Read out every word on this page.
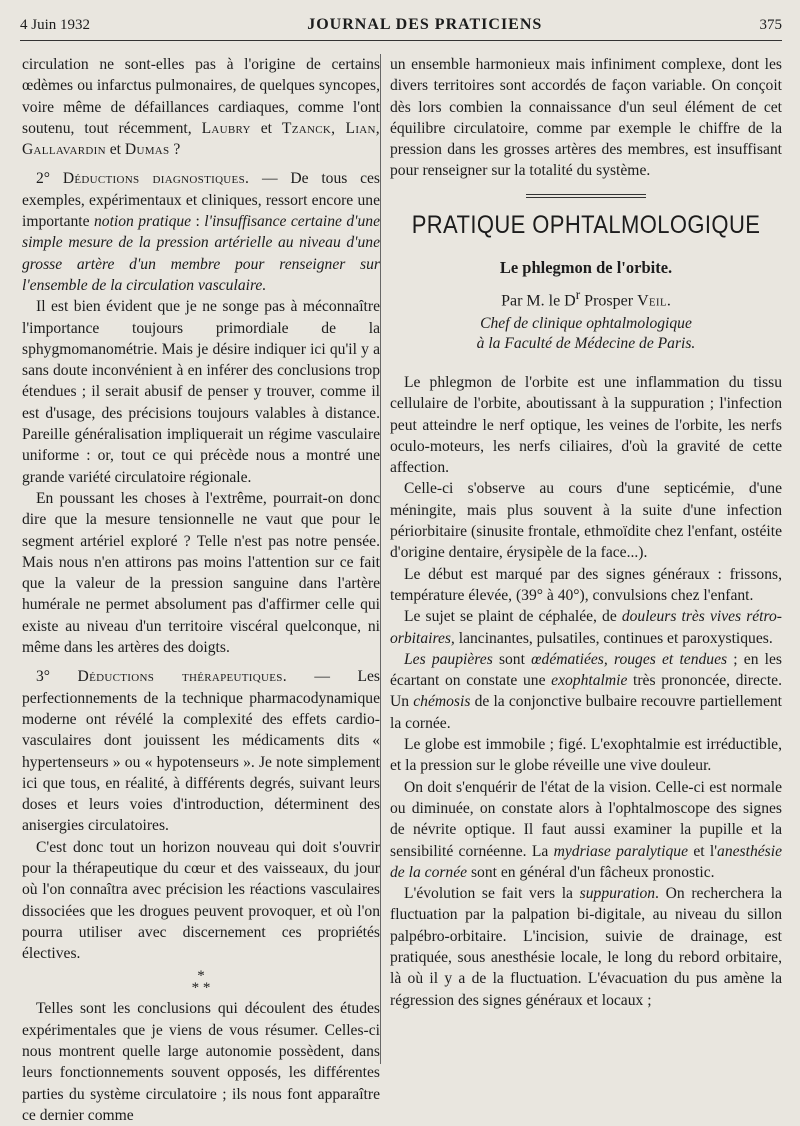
4 Juin 1932	JOURNAL DES PRATICIENS	375

circulation ne sont-elles pas à l'origine de certains œdèmes ou infarctus pulmonaires, de quelques syncopes, voire même de défaillances cardiaques, comme l'ont soutenu, tout récemment, Laubry et Tzanck, Lian, Gallavardin et Dumas ?

2° Déductions diagnostiques. — De tous ces exemples, expérimentaux et cliniques, ressort encore une importante notion pratique : l'insuffisance certaine d'une simple mesure de la pression artérielle au niveau d'une grosse artère d'un membre pour renseigner sur l'ensemble de la circulation vasculaire.

Il est bien évident que je ne songe pas à méconnaître l'importance toujours primordiale de la sphygmomanométrie. Mais je désire indiquer ici qu'il y a sans doute inconvénient à en inférer des conclusions trop étendues ; il serait abusif de penser y trouver, comme il est d'usage, des précisions toujours valables à distance. Pareille généralisation impliquerait un régime vasculaire uniforme : or, tout ce qui précède nous a montré une grande variété circulatoire régionale.

En poussant les choses à l'extrême, pourrait-on donc dire que la mesure tensionnelle ne vaut que pour le segment artériel exploré ? Telle n'est pas notre pensée. Mais nous n'en attirons pas moins l'attention sur ce fait que la valeur de la pression sanguine dans l'artère humérale ne permet absolument pas d'affirmer celle qui existe au niveau d'un territoire viscéral quelconque, ni même dans les artères des doigts.

3° Déductions thérapeutiques. — Les perfectionnements de la technique pharmacodynamique moderne ont révélé la complexité des effets cardio-vasculaires dont jouissent les médicaments dits « hypertenseurs » ou « hypotenseurs ». Je note simplement ici que tous, en réalité, à différents degrés, suivant leurs doses et leurs voies d'introduction, déterminent des anisergies circulatoires.

C'est donc tout un horizon nouveau qui doit s'ouvrir pour la thérapeutique du cœur et des vaisseaux, du jour où l'on connaîtra avec précision les réactions vasculaires dissociées que les drogues peuvent provoquer, et où l'on pourra utiliser avec discernement ces propriétés électives.

*
* *

Telles sont les conclusions qui découlent des études expérimentales que je viens de vous résumer. Celles-ci nous montrent quelle large autonomie possèdent, dans leurs fonctionnements souvent opposés, les différentes parties du système circulatoire ; ils nous font apparaître ce dernier comme

un ensemble harmonieux mais infiniment complexe, dont les divers territoires sont accordés de façon variable. On conçoit dès lors combien la connaissance d'un seul élément de cet équilibre circulatoire, comme par exemple le chiffre de la pression dans les grosses artères des membres, est insuffisant pour renseigner sur la totalité du système.

PRATIQUE OPHTALMOLOGIQUE
Le phlegmon de l'orbite.
Par M. le $D^r$ Prosper Veil.
Chef de clinique ophtalmologique
à la Faculté de Médecine de Paris.

Le phlegmon de l'orbite est une inflammation du tissu cellulaire de l'orbite, aboutissant à la suppuration ; l'infection peut atteindre le nerf optique, les veines de l'orbite, les nerfs oculo-moteurs, les nerfs ciliaires, d'où la gravité de cette affection.

Celle-ci s'observe au cours d'une septicémie, d'une méningite, mais plus souvent à la suite d'une infection périorbitaire (sinusite frontale, ethmoïdite chez l'enfant, ostéite d'origine dentaire, érysipèle de la face...).

Le début est marqué par des signes généraux : frissons, température élevée, (39° à 40°), convulsions chez l'enfant.

Le sujet se plaint de céphalée, de douleurs très vives rétro-orbitaires, lancinantes, pulsatiles, continues et paroxystiques.

Les paupières sont œdématiées, rouges et tendues ; en les écartant on constate une exophtalmie très prononcée, directe. Un chémosis de la conjonctive bulbaire recouvre partiellement la cornée.

Le globe est immobile ; figé. L'exophtalmie est irréductible, et la pression sur le globe réveille une vive douleur.

On doit s'enquérir de l'état de la vision. Celle-ci est normale ou diminuée, on constate alors à l'ophtalmoscope des signes de névrite optique. Il faut aussi examiner la pupille et la sensibilité cornéenne. La mydriase paralytique et l'anesthésie de la cornée sont en général d'un fâcheux pronostic.

L'évolution se fait vers la suppuration. On recherchera la fluctuation par la palpation bi-digitale, au niveau du sillon palpébro-orbitaire. L'incision, suivie de drainage, est pratiquée, sous anesthésie locale, le long du rebord orbitaire, là où il y a de la fluctuation. L'évacuation du pus amène la régression des signes généraux et locaux ;
